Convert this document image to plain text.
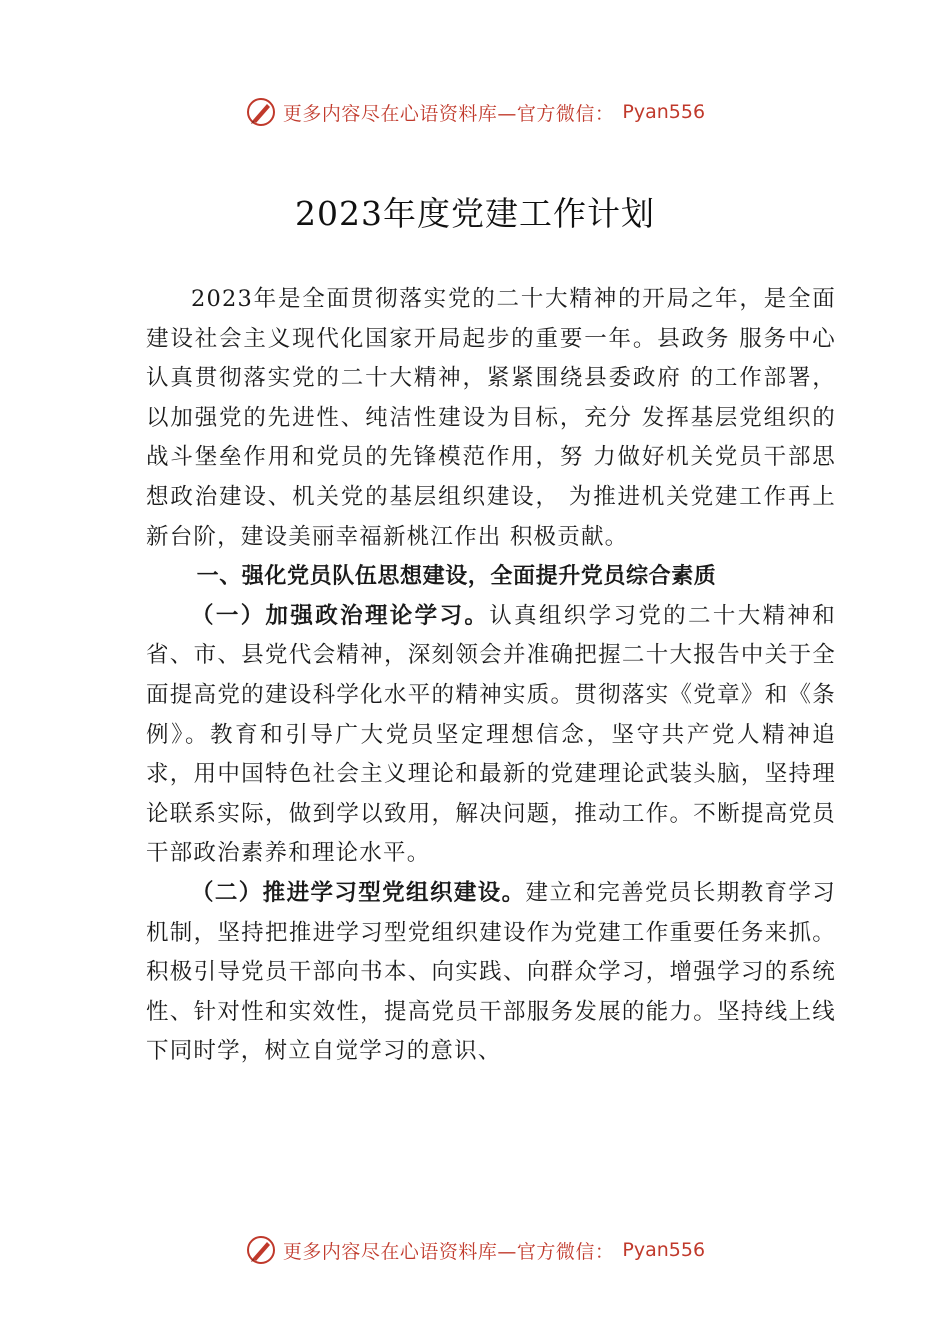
更多内容尽在心语资料库—官方微信： Pyan556
2023年度党建工作计划

2023年是全面贯彻落实党的二十大精神的开局之年，是全面建设社会主义现代化国家开局起步的重要一年。县政务 服务中心认真贯彻落实党的二十大精神，紧紧围绕县委政府 的工作部署，以加强党的先进性、纯洁性建设为目标，充分 发挥基层党组织的战斗堡垒作用和党员的先锋模范作用，努 力做好机关党员干部思想政治建设、机关党的基层组织建设， 为推进机关党建工作再上新台阶，建设美丽幸福新桃江作出 积极贡献。

一、强化党员队伍思想建设，全面提升党员综合素质

（一）加强政治理论学习。认真组织学习党的二十大精神和省、市、县党代会精神，深刻领会并准确把握二十大报告中关于全面提高党的建设科学化水平的精神实质。贯彻落实《党章》和《条例》。教育和引导广大党员坚定理想信念，坚守共产党人精神追求，用中国特色社会主义理论和最新的党建理论武装头脑，坚持理论联系实际，做到学以致用，解决问题，推动工作。不断提高党员干部政治素养和理论水平。

（二）推进学习型党组织建设。建立和完善党员长期教育学习机制，坚持把推进学习型党组织建设作为党建工作重要任务来抓。积极引导党员干部向书本、向实践、向群众学习，增强学习的系统性、针对性和实效性，提高党员干部服务发展的能力。坚持线上线下同时学，树立自觉学习的意识、

更多内容尽在心语资料库—官方微信： Pyan556
